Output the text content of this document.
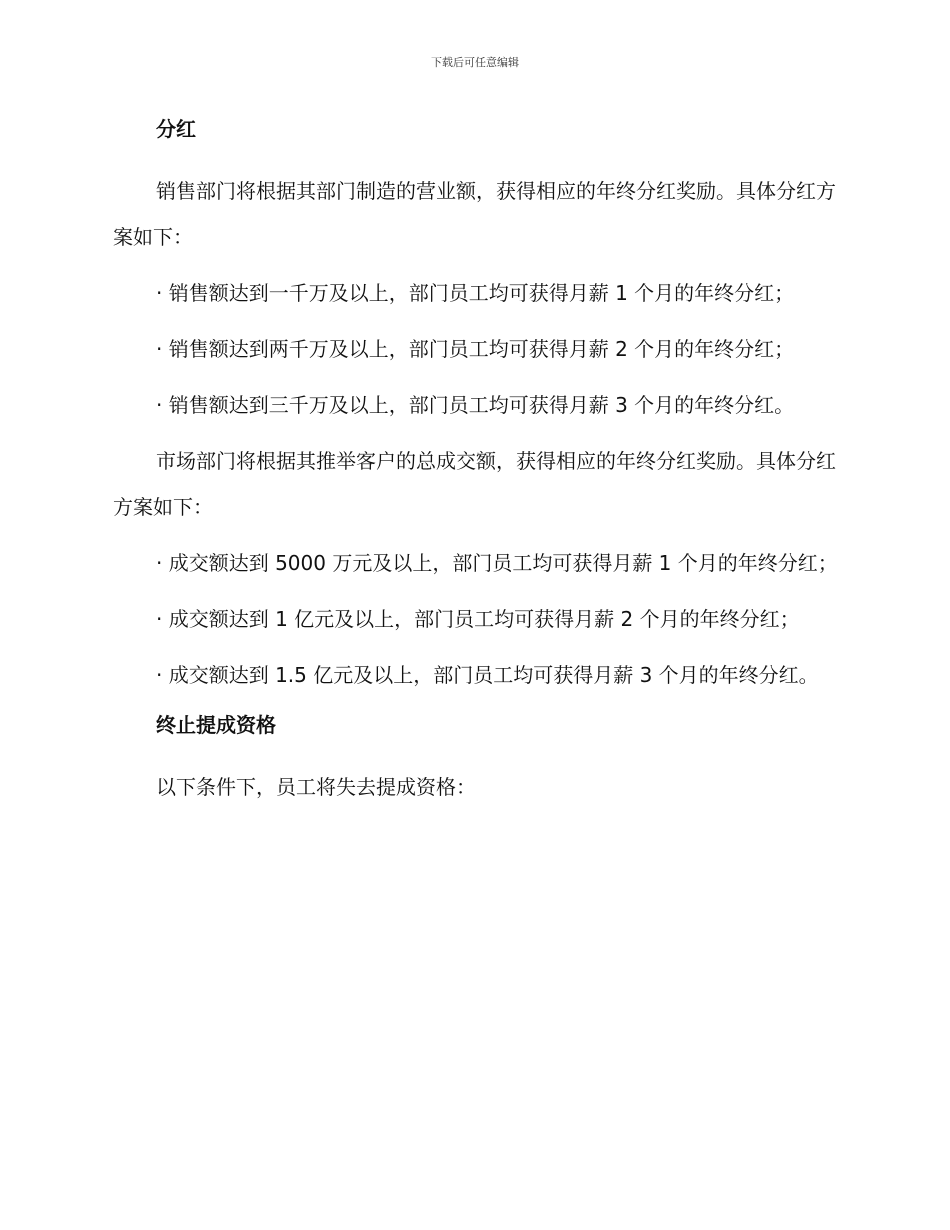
下载后可任意编辑
分红

销售部门将根据其部门制造的营业额，获得相应的年终分红奖励。具体分红方案如下：

· 销售额达到一千万及以上，部门员工均可获得月薪 1 个月的年终分红；

· 销售额达到两千万及以上，部门员工均可获得月薪 2 个月的年终分红；

· 销售额达到三千万及以上，部门员工均可获得月薪 3 个月的年终分红。

市场部门将根据其推举客户的总成交额，获得相应的年终分红奖励。具体分红方案如下：

· 成交额达到 5000 万元及以上，部门员工均可获得月薪 1 个月的年终分红；

· 成交额达到 1 亿元及以上，部门员工均可获得月薪 2 个月的年终分红；

· 成交额达到 1.5 亿元及以上，部门员工均可获得月薪 3 个月的年终分红。

终止提成资格

以下条件下，员工将失去提成资格：
